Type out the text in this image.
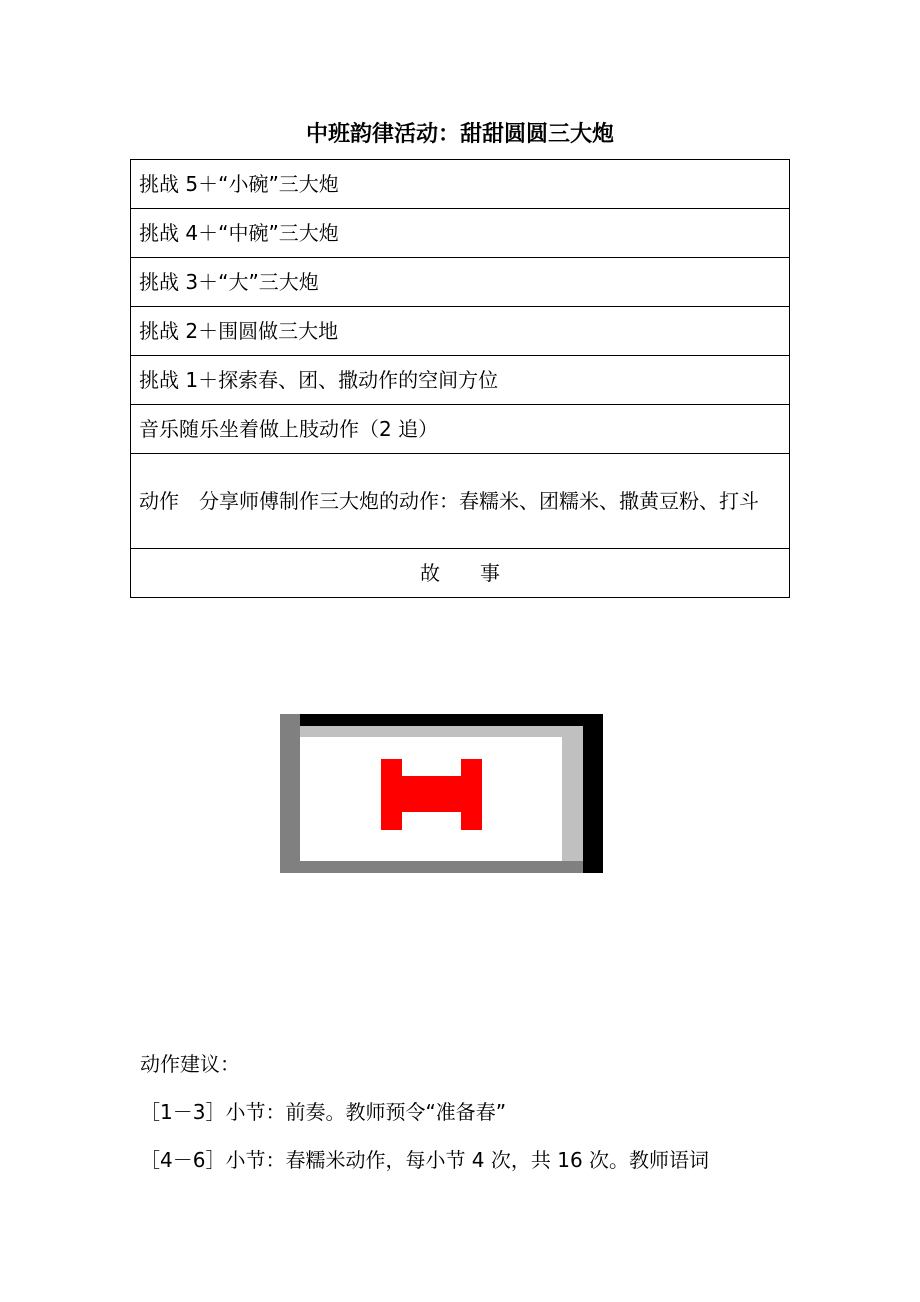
中班韵律活动：甜甜圆圆三大炮
挑战 5＋“小碗”三大炮
挑战 4＋“中碗”三大炮
挑战 3＋“大”三大炮
挑战 2＋围圆做三大地
挑战 1＋探索春、团、撒动作的空间方位
音乐随乐坐着做上肢动作（2 追）
动作　分享师傅制作三大炮的动作：春糯米、团糯米、撒黄豆粉、打斗
故　　事

动作建议：

［1－3］小节：前奏。教师预令“准备春”

［4－6］小节：春糯米动作，每小节 4 次，共 16 次。教师语词
